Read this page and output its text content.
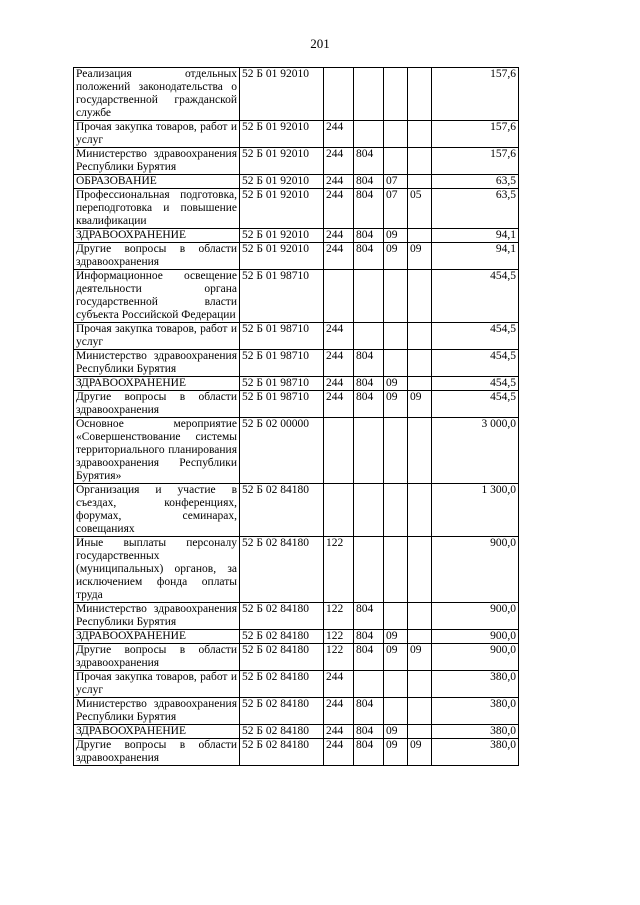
201
Реализация отдельных положений законодательства о государственной гражданской службе	52 Б 01 92010					157,6	
Прочая закупка товаров, работ и услуг	52 Б 01 92010	244				157,6	
Министерство здравоохранения Республики Бурятия	52 Б 01 92010	244	804			157,6	
ОБРАЗОВАНИЕ	52 Б 01 92010	244	804	07		63,5	
Профессиональная подготовка, переподготовка и повышение квалификации	52 Б 01 92010	244	804	07	05	63,5	
ЗДРАВООХРАНЕНИЕ	52 Б 01 92010	244	804	09		94,1	
Другие вопросы в области здравоохранения	52 Б 01 92010	244	804	09	09	94,1	
Информационное освещение деятельности органа государственной власти субъекта Российской Федерации	52 Б 01 98710					454,5	
Прочая закупка товаров, работ и услуг	52 Б 01 98710	244				454,5	
Министерство здравоохранения Республики Бурятия	52 Б 01 98710	244	804			454,5	
ЗДРАВООХРАНЕНИЕ	52 Б 01 98710	244	804	09		454,5	
Другие вопросы в области здравоохранения	52 Б 01 98710	244	804	09	09	454,5	
Основное мероприятие «Совершенствование системы территориального планирования здравоохранения Республики Бурятия»	52 Б 02 00000					3 000,0	
Организация и участие в съездах, конференциях, форумах, семинарах, совещаниях	52 Б 02 84180					1 300,0	
Иные выплаты персоналу государственных (муниципальных) органов, за исключением фонда оплаты труда	52 Б 02 84180	122				900,0	
Министерство здравоохранения Республики Бурятия	52 Б 02 84180	122	804			900,0	
ЗДРАВООХРАНЕНИЕ	52 Б 02 84180	122	804	09		900,0	
Другие вопросы в области здравоохранения	52 Б 02 84180	122	804	09	09	900,0	
Прочая закупка товаров, работ и услуг	52 Б 02 84180	244				380,0	
Министерство здравоохранения Республики Бурятия	52 Б 02 84180	244	804			380,0	
ЗДРАВООХРАНЕНИЕ	52 Б 02 84180	244	804	09		380,0	
Другие вопросы в области здравоохранения	52 Б 02 84180	244	804	09	09	380,0	
